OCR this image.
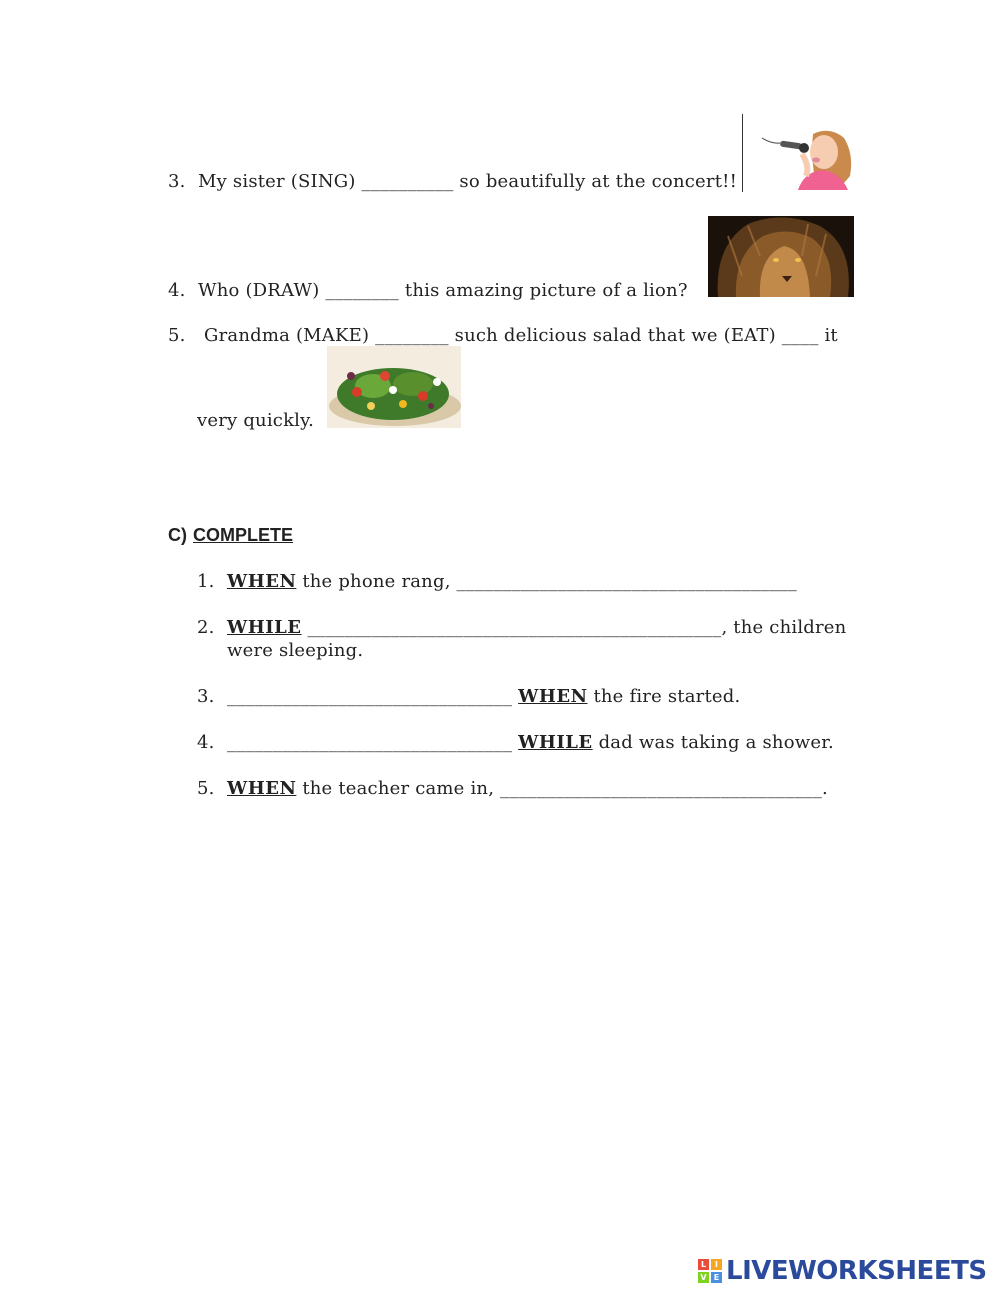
3. My sister (SING) __________ so beautifully at the concert!!
4. Who (DRAW) ________ this amazing picture of a lion?
5. Grandma (MAKE) ________ such delicious salad that we (EAT) ____ it
very quickly.
C) COMPLETE
1. WHEN the phone rang, _____________________________________
2. WHILE _____________________________________________, the children
were sleeping.
3. _______________________________ WHEN the fire started.
4. _______________________________ WHILE dad was taking a shower.
5. WHEN the teacher came in, ___________________________________.
L	I
V E LIVEWORKSHEETS
